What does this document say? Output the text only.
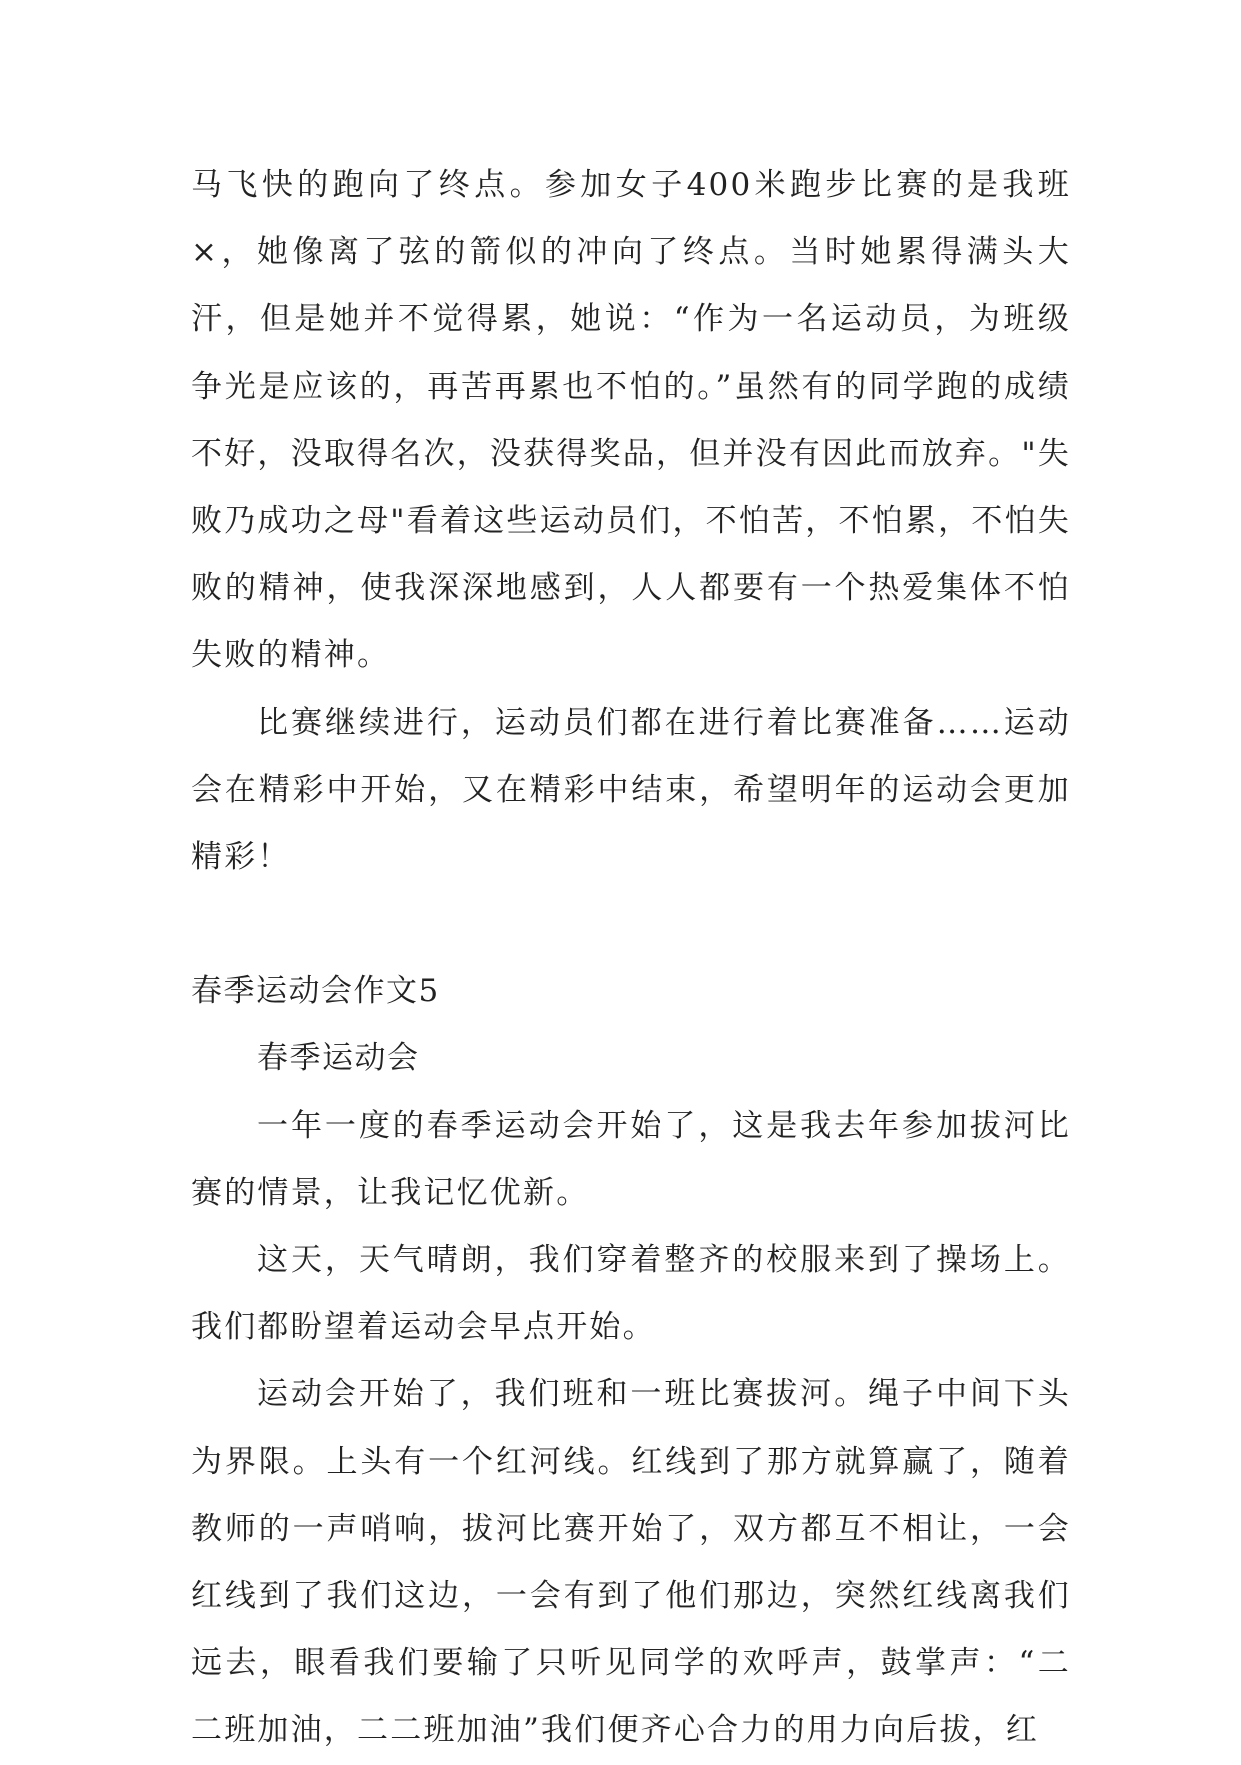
马飞快的跑向了终点。参加女子400米跑步比赛的是我班×，她像离了弦的箭似的冲向了终点。当时她累得满头大汗，但是她并不觉得累，她说：“作为一名运动员，为班级争光是应该的，再苦再累也不怕的。”虽然有的同学跑的成绩不好，没取得名次，没获得奖品，但并没有因此而放弃。"失败乃成功之母"看着这些运动员们，不怕苦，不怕累，不怕失败的精神，使我深深地感到，人人都要有一个热爱集体不怕失败的精神。

比赛继续进行，运动员们都在进行着比赛准备……运动会在精彩中开始，又在精彩中结束，希望明年的运动会更加精彩！

春季运动会作文5

春季运动会

一年一度的春季运动会开始了，这是我去年参加拔河比赛的情景，让我记忆优新。

这天，天气晴朗，我们穿着整齐的校服来到了操场上。我们都盼望着运动会早点开始。

运动会开始了，我们班和一班比赛拔河。绳子中间下头为界限。上头有一个红河线。红线到了那方就算赢了，随着教师的一声哨响，拔河比赛开始了，双方都互不相让，一会红线到了我们这边，一会有到了他们那边，突然红线离我们远去，眼看我们要输了只听见同学的欢呼声，鼓掌声：“二二班加油，二二班加油”我们便齐心合力的用力向后拔，红
